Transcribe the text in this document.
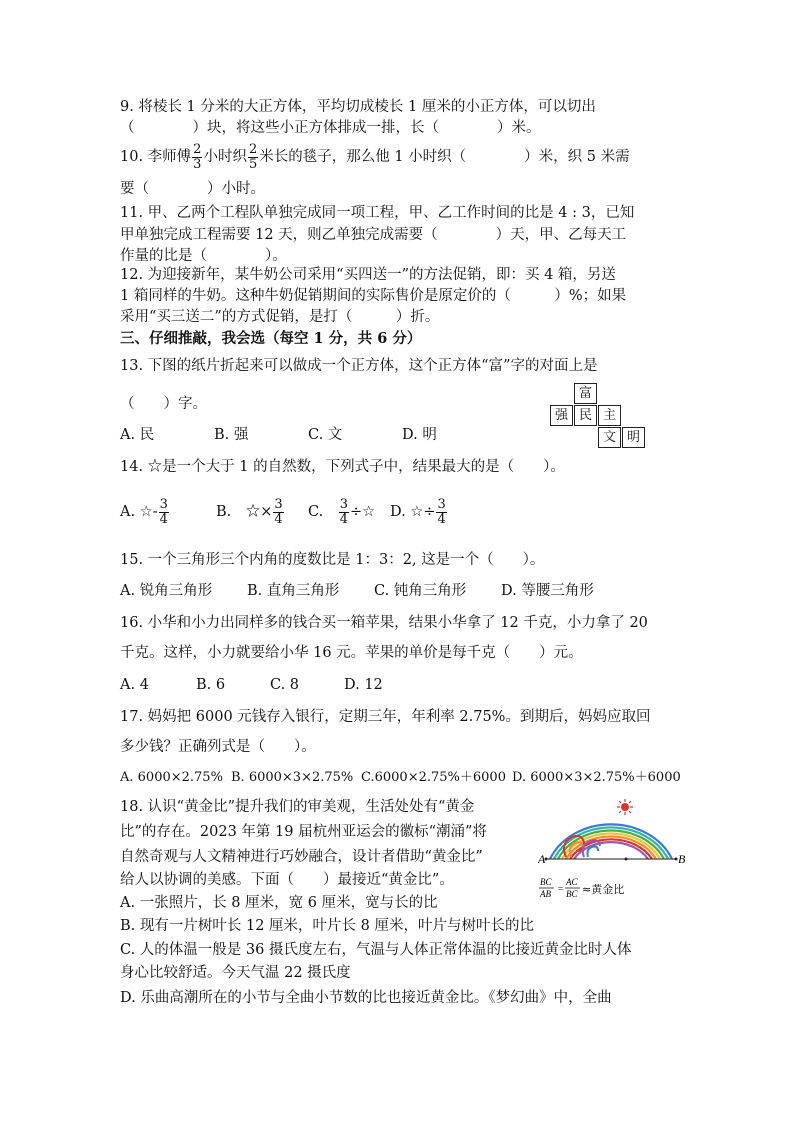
9. 将棱长 1 分米的大正方体，平均切成棱长 1 厘米的小正方体，可以切出
（　　　　）块，将这些小正方体排成一排，长（　　　　）米。
10. 李师傅 $\frac{2}{3}$ 小时织 $\frac{2}{5}$ 米长的毯子，那么他 1 小时织（　　　　）米，织 5 米需
要（　　　　）小时。
11. 甲、乙两个工程队单独完成同一项工程，甲、乙工作时间的比是 4 : 3，已知
甲单独完成工程需要 12 天，则乙单独完成需要（　　　　）天，甲、乙每天工
作量的比是（　　　　）。
12. 为迎接新年，某牛奶公司采用“买四送一”的方法促销，即：买 4 箱，另送
1 箱同样的牛奶。这种牛奶促销期间的实际售价是原定价的（　　　）%；如果
采用“买三送二”的方式促销，是打（　　　）折。
三、仔细推敲，我会选（每空 1 分，共 6 分）
13. 下图的纸片折起来可以做成一个正方体，这个正方体“富”字的对面上是
（　　）字。
A. 民	B. 强	C. 文	D. 明
富
强 民 主
文 明
14. ☆是一个大于 1 的自然数，下列式子中，结果最大的是（　　）。
A. ☆- $\frac{3}{4}$	B.　 ☆× $\frac{3}{4} C$.　 $\frac{3}{4}$ ÷☆ D. ☆÷ $\frac{3}{4}$
15. 一个三角形三个内角的度数比是 1：3：2, 这是一个（　　）。
A. 锐角三角形 B. 直角三角形 C. 钝角三角形 D. 等腰三角形
16. 小华和小力出同样多的钱合买一箱苹果，结果小华拿了 12 千克，小力拿了 20
千克。这样，小力就要给小华 16 元。苹果的单价是每千克（　　）元。
A. 4	B. 6	C. 8	D. 12
17. 妈妈把 6000 元钱存入银行，定期三年，年利率 2.75%。到期后，妈妈应取回
多少钱？正确列式是（　　）。
A. 6000×2.75% B. 6000×3×2.75% C.6000×2.75%＋6000 D. 6000×3×2.75%＋6000
18. 认识“黄金比”提升我们的审美观，生活处处有“黄金
比”的存在。2023 年第 19 届杭州亚运会的徽标“潮涌”将
自然奇观与人文精神进行巧妙融合，设计者借助“黄金比”
给人以协调的美感。下面（　　）最接近“黄金比”。
A. 一张照片，长 8 厘米，宽 6 厘米，宽与长的比
B. 现有一片树叶长 12 厘米，叶片长 8 厘米，叶片与树叶长的比
C. 人的体温一般是 36 摄氏度左右，气温与人体正常体温的比接近黄金比时人体
身心比较舒适。今天气温 22 摄氏度
D. 乐曲高潮所在的小节与全曲小节数的比也接近黄金比。《梦幻曲》中，全曲
A	B
BC
AB =
AC
BC ≈黄金比
